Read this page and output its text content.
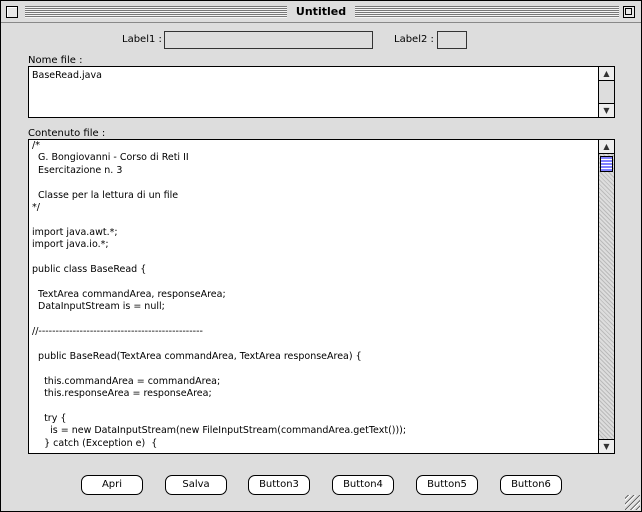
Untitled
Label1 :	Label2 :
Nome file :
BaseRead.java	▲
▼
Contenuto file :
/*
G. Bongiovanni - Corso di Reti II
Esercitazione n. 3

Classe per la lettura di un file
*/

import java.awt.*;
import java.io.*;

public class BaseRead {

TextArea commandArea, responseArea;
DataInputStream is = null;

//------------------------------------------------

public BaseRead(TextArea commandArea, TextArea responseArea) {

this.commandArea = commandArea;
this.responseArea = responseArea;

try {
is = new DataInputStream(new FileInputStream(commandArea.getText()));
} catch (Exception e)  {
▲
▼
Apri	Salva	Button3	Button4	Button5	Button6
